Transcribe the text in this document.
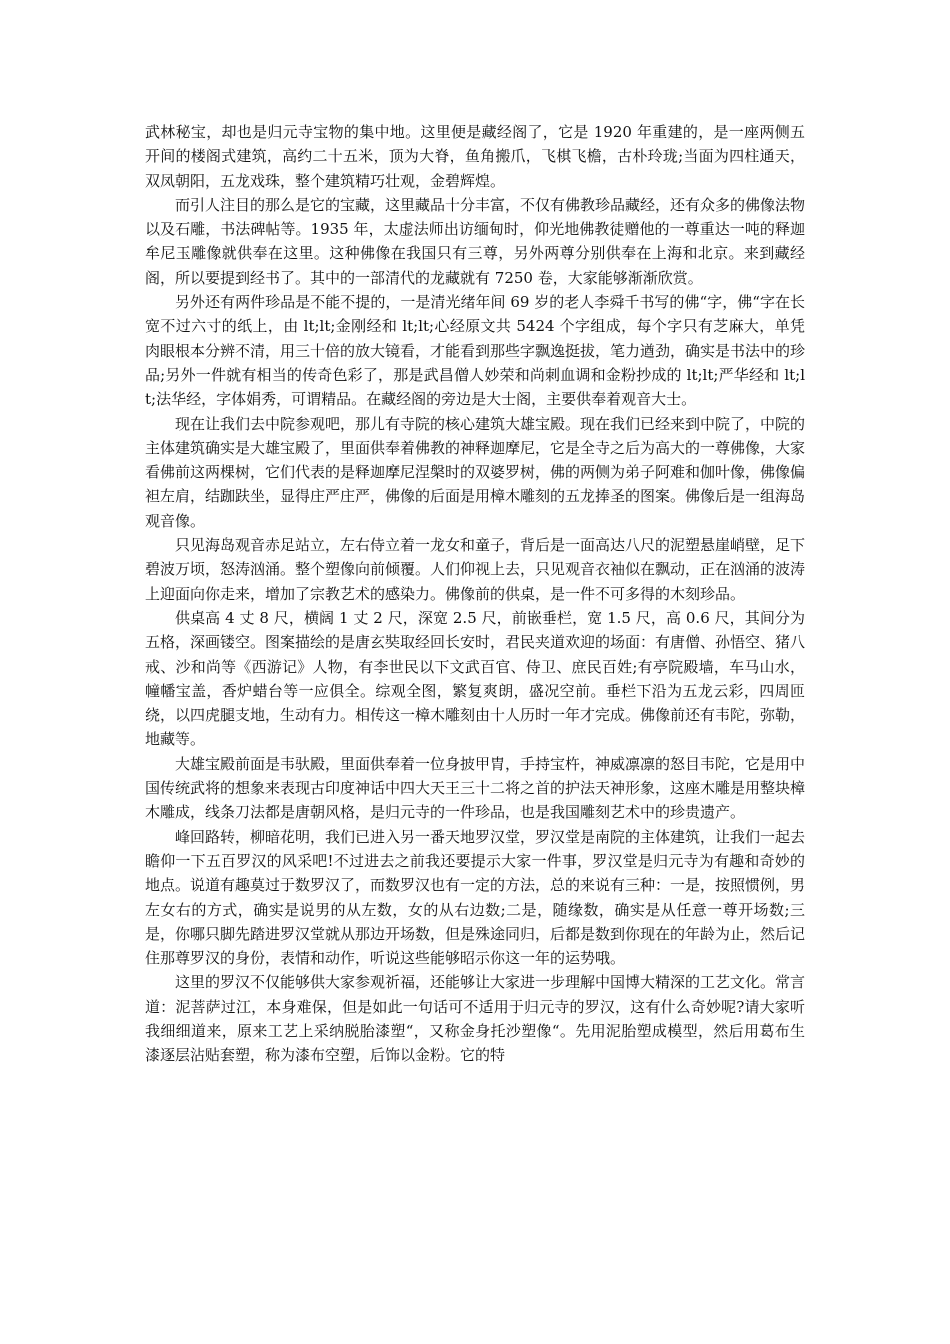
武林秘宝，却也是归元寺宝物的集中地。这里便是藏经阁了，它是 1920 年重建的，是一座两侧五开间的楼阁式建筑，高约二十五米，顶为大脊，鱼角搬爪，飞棋飞檐，古朴玲珑;当面为四柱通天，双凤朝阳，五龙戏珠，整个建筑精巧壮观，金碧辉煌。

而引人注目的那么是它的宝藏，这里藏品十分丰富，不仅有佛教珍品藏经，还有众多的佛像法物以及石雕，书法碑帖等。1935 年，太虚法师出访缅甸时，仰光地佛教徒赠他的一尊重达一吨的释迦牟尼玉雕像就供奉在这里。这种佛像在我国只有三尊，另外两尊分别供奉在上海和北京。来到藏经阁，所以要提到经书了。其中的一部清代的龙藏就有 7250 卷，大家能够渐渐欣赏。

另外还有两件珍品是不能不提的，一是清光绪年间 69 岁的老人李舜千书写的佛“字，佛“字在长宽不过六寸的纸上，由 lt;lt;金刚经和 lt;lt;心经原文共 5424 个字组成，每个字只有芝麻大，单凭肉眼根本分辨不清，用三十倍的放大镜看，才能看到那些字飘逸挺拔，笔力遒劲，确实是书法中的珍品;另外一件就有相当的传奇色彩了，那是武昌僧人妙荣和尚刺血调和金粉抄成的 lt;lt;严华经和 lt;lt;法华经，字体娟秀，可谓精品。在藏经阁的旁边是大士阁，主要供奉着观音大士。

现在让我们去中院参观吧，那儿有寺院的核心建筑大雄宝殿。现在我们已经来到中院了，中院的主体建筑确实是大雄宝殿了，里面供奉着佛教的神释迦摩尼，它是全寺之后为高大的一尊佛像，大家看佛前这两棵树，它们代表的是释迦摩尼涅槃时的双婆罗树，佛的两侧为弟子阿难和伽叶像，佛像偏袒左肩，结跏趺坐，显得庄严庄严，佛像的后面是用樟木雕刻的五龙捧圣的图案。佛像后是一组海岛观音像。

只见海岛观音赤足站立，左右侍立着一龙女和童子，背后是一面高达八尺的泥塑悬崖峭壁，足下碧波万顷，怒涛汹涌。整个塑像向前倾覆。人们仰视上去，只见观音衣袖似在飘动，正在汹涌的波涛上迎面向你走来，增加了宗教艺术的感染力。佛像前的供桌，是一件不可多得的木刻珍品。

供桌高 4 丈 8 尺，横阔 1 丈 2 尺，深宽 2.5 尺，前嵌垂栏，宽 1.5 尺，高 0.6 尺，其间分为五格，深画镂空。图案描绘的是唐玄奘取经回长安时，君民夹道欢迎的场面：有唐僧、孙悟空、猪八戒、沙和尚等《西游记》人物，有李世民以下文武百官、侍卫、庶民百姓;有亭院殿墙，车马山水，幢幡宝盖，香炉蜡台等一应俱全。综观全图，繁复爽朗，盛况空前。垂栏下沿为五龙云彩，四周匝绕，以四虎腿支地，生动有力。相传这一樟木雕刻由十人历时一年才完成。佛像前还有韦陀，弥勒，地藏等。

大雄宝殿前面是韦驮殿，里面供奉着一位身披甲胄，手持宝杵，神威凛凛的怒目韦陀，它是用中国传统武将的想象来表现古印度神话中四大天王三十二将之首的护法天神形象，这座木雕是用整块樟木雕成，线条刀法都是唐朝风格，是归元寺的一件珍品，也是我国雕刻艺术中的珍贵遗产。

峰回路转，柳暗花明，我们已进入另一番天地罗汉堂，罗汉堂是南院的主体建筑，让我们一起去瞻仰一下五百罗汉的风采吧!不过进去之前我还要提示大家一件事，罗汉堂是归元寺为有趣和奇妙的地点。说道有趣莫过于数罗汉了，而数罗汉也有一定的方法，总的来说有三种：一是，按照惯例，男左女右的方式，确实是说男的从左数，女的从右边数;二是，随缘数，确实是从任意一尊开场数;三是，你哪只脚先踏进罗汉堂就从那边开场数，但是殊途同归，后都是数到你现在的年龄为止，然后记住那尊罗汉的身份，表情和动作，听说这些能够昭示你这一年的运势哦。

这里的罗汉不仅能够供大家参观祈福，还能够让大家进一步理解中国博大精深的工艺文化。常言道：泥菩萨过江，本身难保，但是如此一句话可不适用于归元寺的罗汉，这有什么奇妙呢?请大家听我细细道来，原来工艺上采纳脱胎漆塑“，又称金身托沙塑像“。先用泥胎塑成模型，然后用葛布生漆逐层沾贴套塑，称为漆布空塑，后饰以金粉。它的特
